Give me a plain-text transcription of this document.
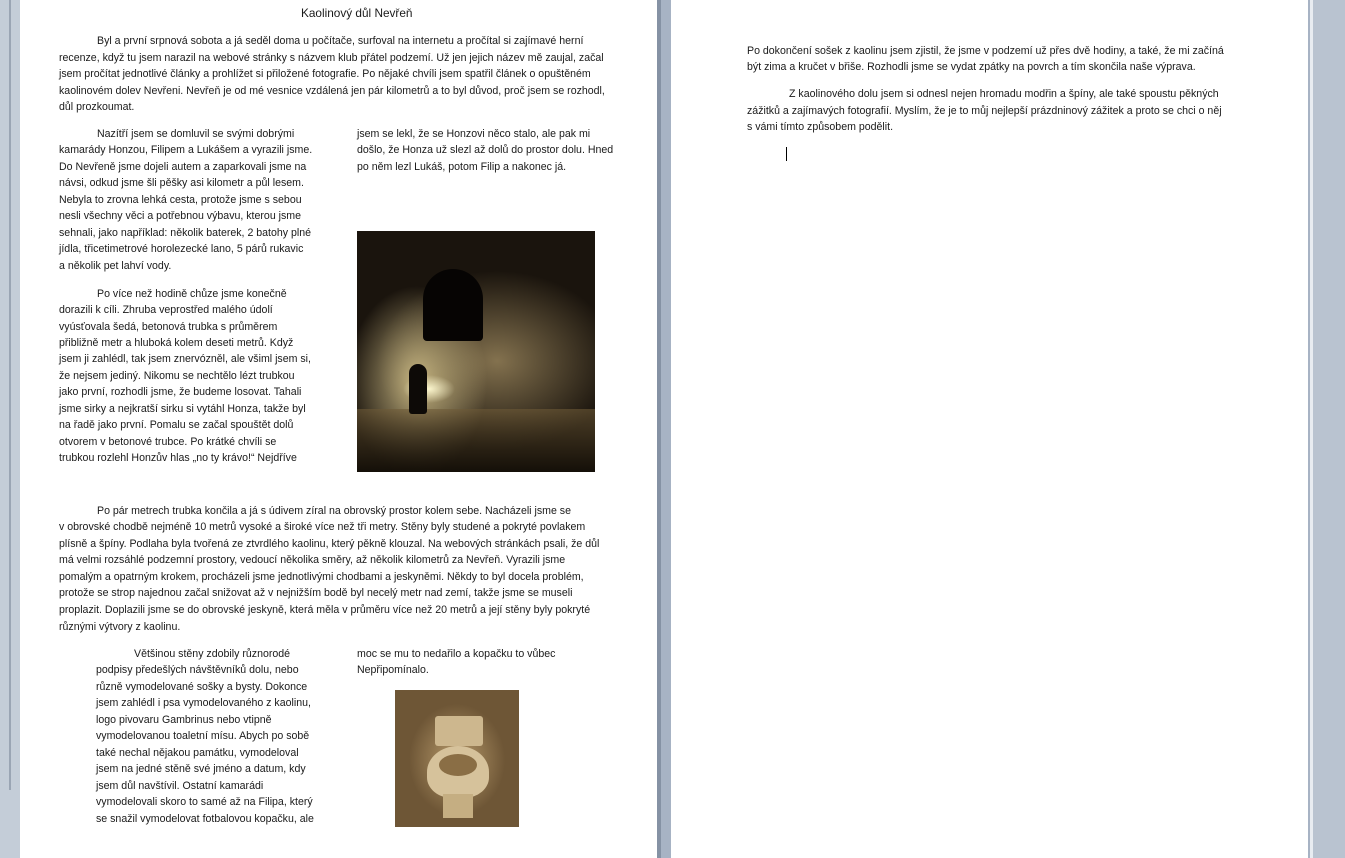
Kaolinový důl Nevřeň

Byl a první srpnová sobota a já seděl doma u počítače, surfoval na internetu a pročítal si zajímavé herní

recenze, když tu jsem narazil na webové stránky s názvem klub přátel podzemí. Už jen jejich název mě zaujal, začal

jsem pročítat jednotlivé články a prohlížet si přiložené fotografie. Po nějaké chvíli jsem spatřil článek o opuštěném

kaolinovém dolev Nevřeni. Nevřeň je od mé vesnice vzdálená jen pár kilometrů a to byl důvod, proč jsem se rozhodl,

důl prozkoumat.

Nazítří jsem se domluvil se svými dobrými

kamarády Honzou, Filipem a Lukášem a vyrazili jsme.

Do Nevřeně jsme dojeli autem a zaparkovali jsme na

návsi, odkud jsme šli pěšky asi kilometr a půl lesem.

Nebyla to zrovna lehká cesta, protože jsme s sebou

nesli všechny věci a potřebnou výbavu, kterou jsme

sehnali, jako například: několik baterek, 2 batohy plné

jídla, třicetimetrové horolezecké lano, 5 párů rukavic

a několik pet lahví vody.

Po více než hodině chůze jsme konečně

dorazili k cíli. Zhruba veprostřed malého údolí

vyúsťovala šedá, betonová trubka s průměrem

přibližně metr a hluboká kolem deseti metrů. Když

jsem ji zahlédl, tak jsem znervózněl, ale všiml jsem si,

že nejsem jediný. Nikomu se nechtělo lézt trubkou

jako první, rozhodli jsme, že budeme losovat. Tahali

jsme sirky a nejkratší sirku si vytáhl Honza, takže byl

na řadě jako první. Pomalu se začal spouštět dolů

otvorem v betonové trubce. Po krátké chvíli se

trubkou rozlehl Honzův hlas „no ty krávo!“ Nejdříve

jsem se lekl, že se Honzovi něco stalo, ale pak mi

došlo, že Honza už slezl až dolů do prostor dolu. Hned

po něm lezl Lukáš, potom Filip a nakonec já.

Po pár metrech trubka končila a já s údivem zíral na obrovský prostor kolem sebe. Nacházeli jsme se

v obrovské chodbě nejméně 10 metrů vysoké a široké více než tři metry. Stěny byly studené a pokryté povlakem

plísně a špíny. Podlaha byla tvořená ze ztvrdlého kaolinu, který pěkně klouzal. Na webových stránkách psali, že důl

má velmi rozsáhlé podzemní prostory, vedoucí několika směry, až několik kilometrů za Nevřeň. Vyrazili jsme

pomalým a opatrným krokem, procházeli jsme jednotlivými chodbami a jeskyněmi. Někdy to byl docela problém,

protože se strop najednou začal snižovat až v nejnižším bodě byl necelý metr nad zemí, takže jsme se museli

proplazit. Doplazili jsme se do obrovské jeskyně, která měla v průměru více než 20 metrů a její stěny byly pokryté

různými výtvory z kaolinu.

Většinou stěny zdobily různorodé

podpisy předešlých návštěvníků dolu, nebo

různě vymodelované sošky a bysty. Dokonce

jsem zahlédl i psa vymodelovaného z kaolinu,

logo pivovaru Gambrinus nebo vtipně

vymodelovanou toaletní mísu. Abych po sobě

také nechal nějakou památku, vymodeloval

jsem na jedné stěně své jméno a datum, kdy

jsem důl navštívil. Ostatní kamarádi

vymodelovali skoro to samé až na Filipa, který

se snažil vymodelovat fotbalovou kopačku, ale

moc se mu to nedařilo a kopačku to vůbec

Nepřipomínalo.

Po dokončení sošek z kaolinu jsem zjistil, že jsme v podzemí už přes dvě hodiny, a také, že mi začíná

být zima a kručet v břiše. Rozhodli jsme se vydat zpátky na povrch a tím skončila naše výprava.

Z kaolinového dolu jsem si odnesl nejen hromadu modřin a špíny, ale také spoustu pěkných

zážitků a zajímavých fotografií. Myslím, že je to můj nejlepší prázdninový zážitek a proto se chci o něj

s vámi tímto způsobem podělit.
